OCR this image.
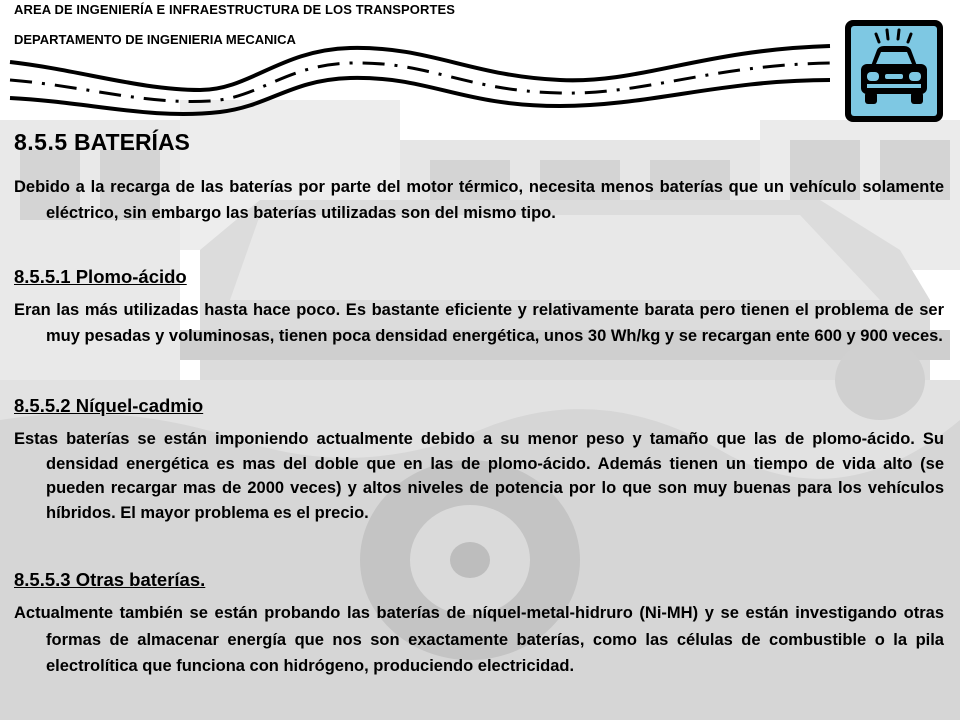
AREA DE INGENIERÍA E INFRAESTRUCTURA DE LOS TRANSPORTES
DEPARTAMENTO DE INGENIERIA MECANICA
8.5.5 BATERÍAS
Debido a la recarga de las baterías por parte del motor térmico, necesita menos baterías que un vehículo solamente eléctrico, sin embargo las baterías utilizadas son del mismo tipo.
8.5.5.1 Plomo-ácido
Eran las más utilizadas hasta hace poco. Es bastante eficiente y relativamente barata pero tienen el problema de ser muy pesadas y voluminosas, tienen poca densidad energética, unos 30 Wh/kg y se recargan ente 600 y 900 veces.
8.5.5.2 Níquel-cadmio
Estas baterías se están imponiendo actualmente debido a su menor peso y tamaño que las de plomo-ácido. Su densidad energética es mas del doble que en las de plomo-ácido. Además tienen un tiempo de vida alto (se pueden recargar mas de 2000 veces) y altos niveles de potencia por lo que son muy buenas para los vehículos híbridos. El mayor problema es el precio.
8.5.5.3 Otras baterías.
Actualmente también se están probando las baterías de níquel-metal-hidruro (Ni-MH) y se están investigando otras formas de almacenar energía que nos son exactamente baterías, como las células de combustible o la pila electrolítica que funciona con hidrógeno, produciendo electricidad.
